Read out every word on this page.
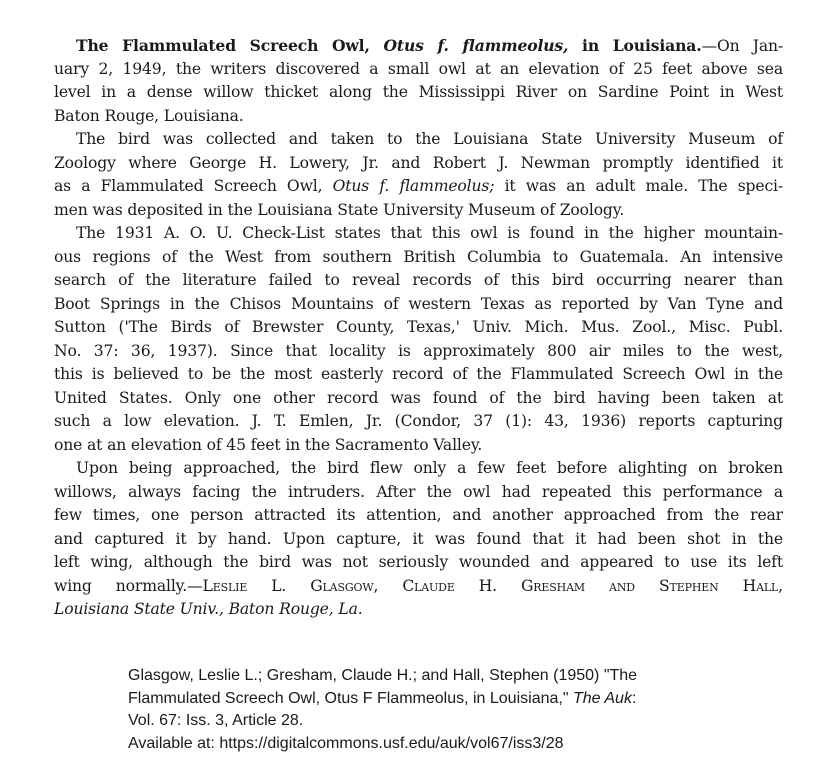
The Flammulated Screech Owl, Otus f. flammeolus, in Louisiana.—On Jan-
uary 2, 1949, the writers discovered a small owl at an elevation of 25 feet above sea
level in a dense willow thicket along the Mississippi River on Sardine Point in West
Baton Rouge, Louisiana.
The bird was collected and taken to the Louisiana State University Museum of
Zoology where George H. Lowery, Jr. and Robert J. Newman promptly identified it
as a Flammulated Screech Owl, Otus f. flammeolus; it was an adult male. The speci-
men was deposited in the Louisiana State University Museum of Zoology.
The 1931 A. O. U. Check-List states that this owl is found in the higher mountain-
ous regions of the West from southern British Columbia to Guatemala. An intensive
search of the literature failed to reveal records of this bird occurring nearer than
Boot Springs in the Chisos Mountains of western Texas as reported by Van Tyne and
Sutton ('The Birds of Brewster County, Texas,' Univ. Mich. Mus. Zool., Misc. Publ.
No. 37: 36, 1937). Since that locality is approximately 800 air miles to the west,
this is believed to be the most easterly record of the Flammulated Screech Owl in the
United States. Only one other record was found of the bird having been taken at
such a low elevation. J. T. Emlen, Jr. (Condor, 37 (1): 43, 1936) reports capturing
one at an elevation of 45 feet in the Sacramento Valley.
Upon being approached, the bird flew only a few feet before alighting on broken
willows, always facing the intruders. After the owl had repeated this performance a
few times, one person attracted its attention, and another approached from the rear
and captured it by hand. Upon capture, it was found that it had been shot in the
left wing, although the bird was not seriously wounded and appeared to use its left
wing normally.—Leslie L. Glasgow, Claude H. Gresham and Stephen Hall,
Louisiana State Univ., Baton Rouge, La.
Glasgow, Leslie L.; Gresham, Claude H.; and Hall, Stephen (1950) "The
Flammulated Screech Owl, Otus F Flammeolus, in Louisiana," The Auk:
Vol. 67: Iss. 3, Article 28.
Available at: https://digitalcommons.usf.edu/auk/vol67/iss3/28
